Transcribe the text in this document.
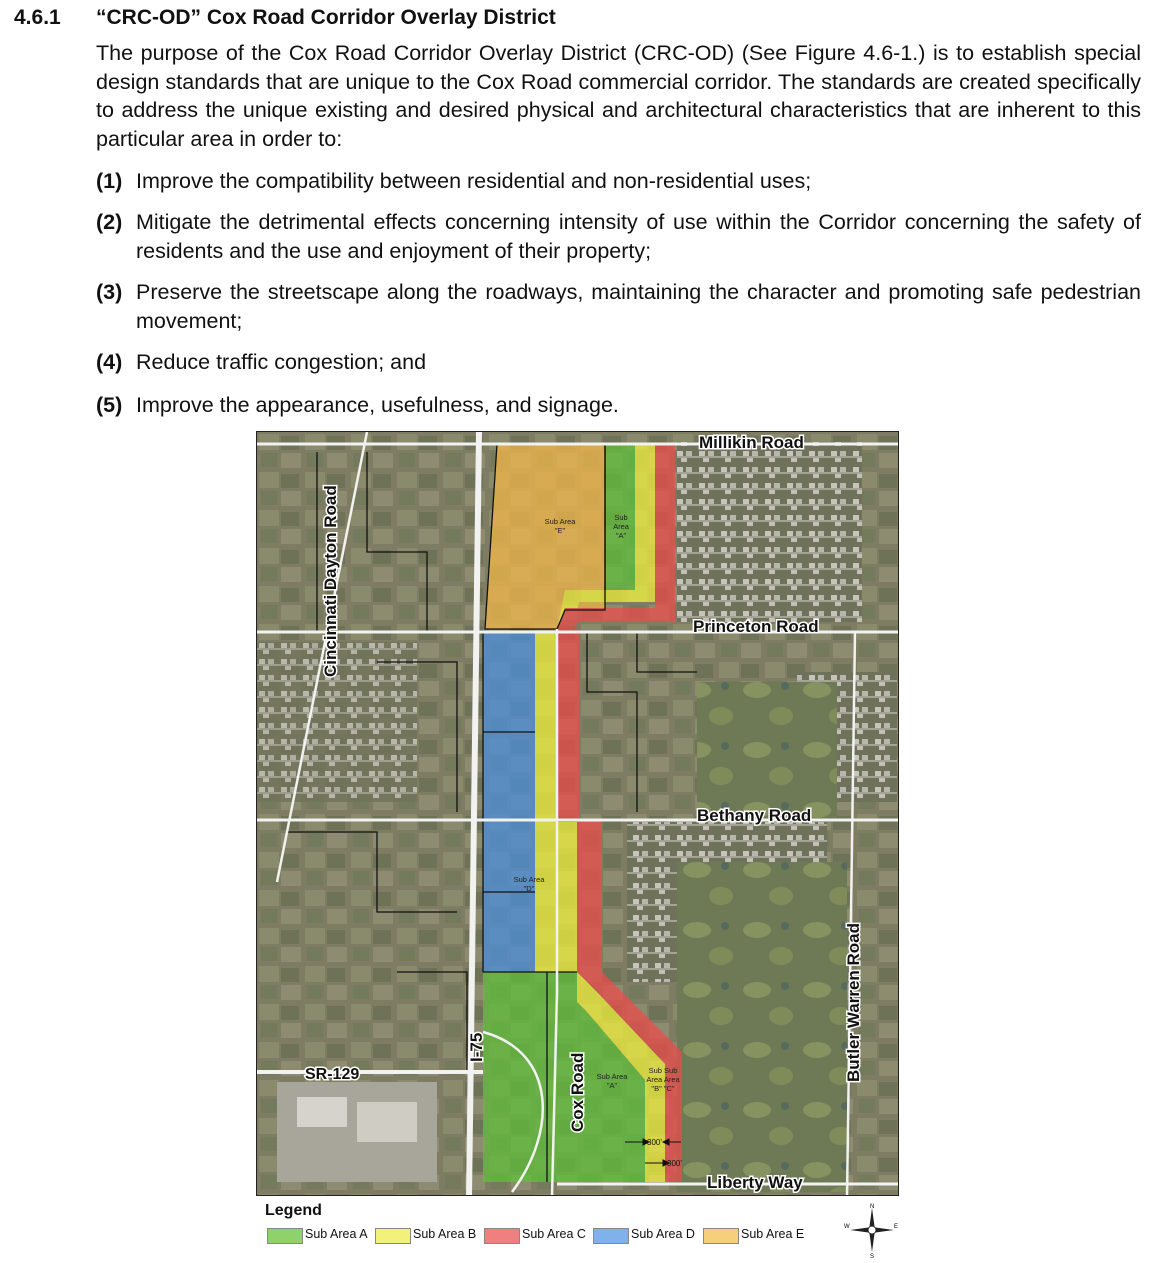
4.6.1 “CRC-OD” Cox Road Corridor Overlay District
The purpose of the Cox Road Corridor Overlay District (CRC-OD) (See Figure 4.6-1.) is to establish special design standards that are unique to the Cox Road commercial corridor. The standards are created specifically to address the unique existing and desired physical and architectural characteristics that are inherent to this particular area in order to:
(1) Improve the compatibility between residential and non-residential uses;
(2) Mitigate the detrimental effects concerning intensity of use within the Corridor concerning the safety of residents and the use and enjoyment of their property;
(3) Preserve the streetscape along the roadways, maintaining the character and promoting safe pedestrian movement;
(4) Reduce traffic congestion; and
(5) Improve the appearance, usefulness, and signage.
Millikin Road
Princeton Road
Bethany Road
Liberty Way
SR-129
Cincinnati Dayton Road
Butler Warren Road
Cox Road
I-75
Sub Area
"E"
Sub
Area
"A"
Sub Area
"D"
Sub Area
"A"
Sub Sub
Area Area
"B" "C"
300'
300'
Legend
Sub Area A	Sub Area B	Sub Area C	Sub Area D	Sub Area E
N
S
E
W
